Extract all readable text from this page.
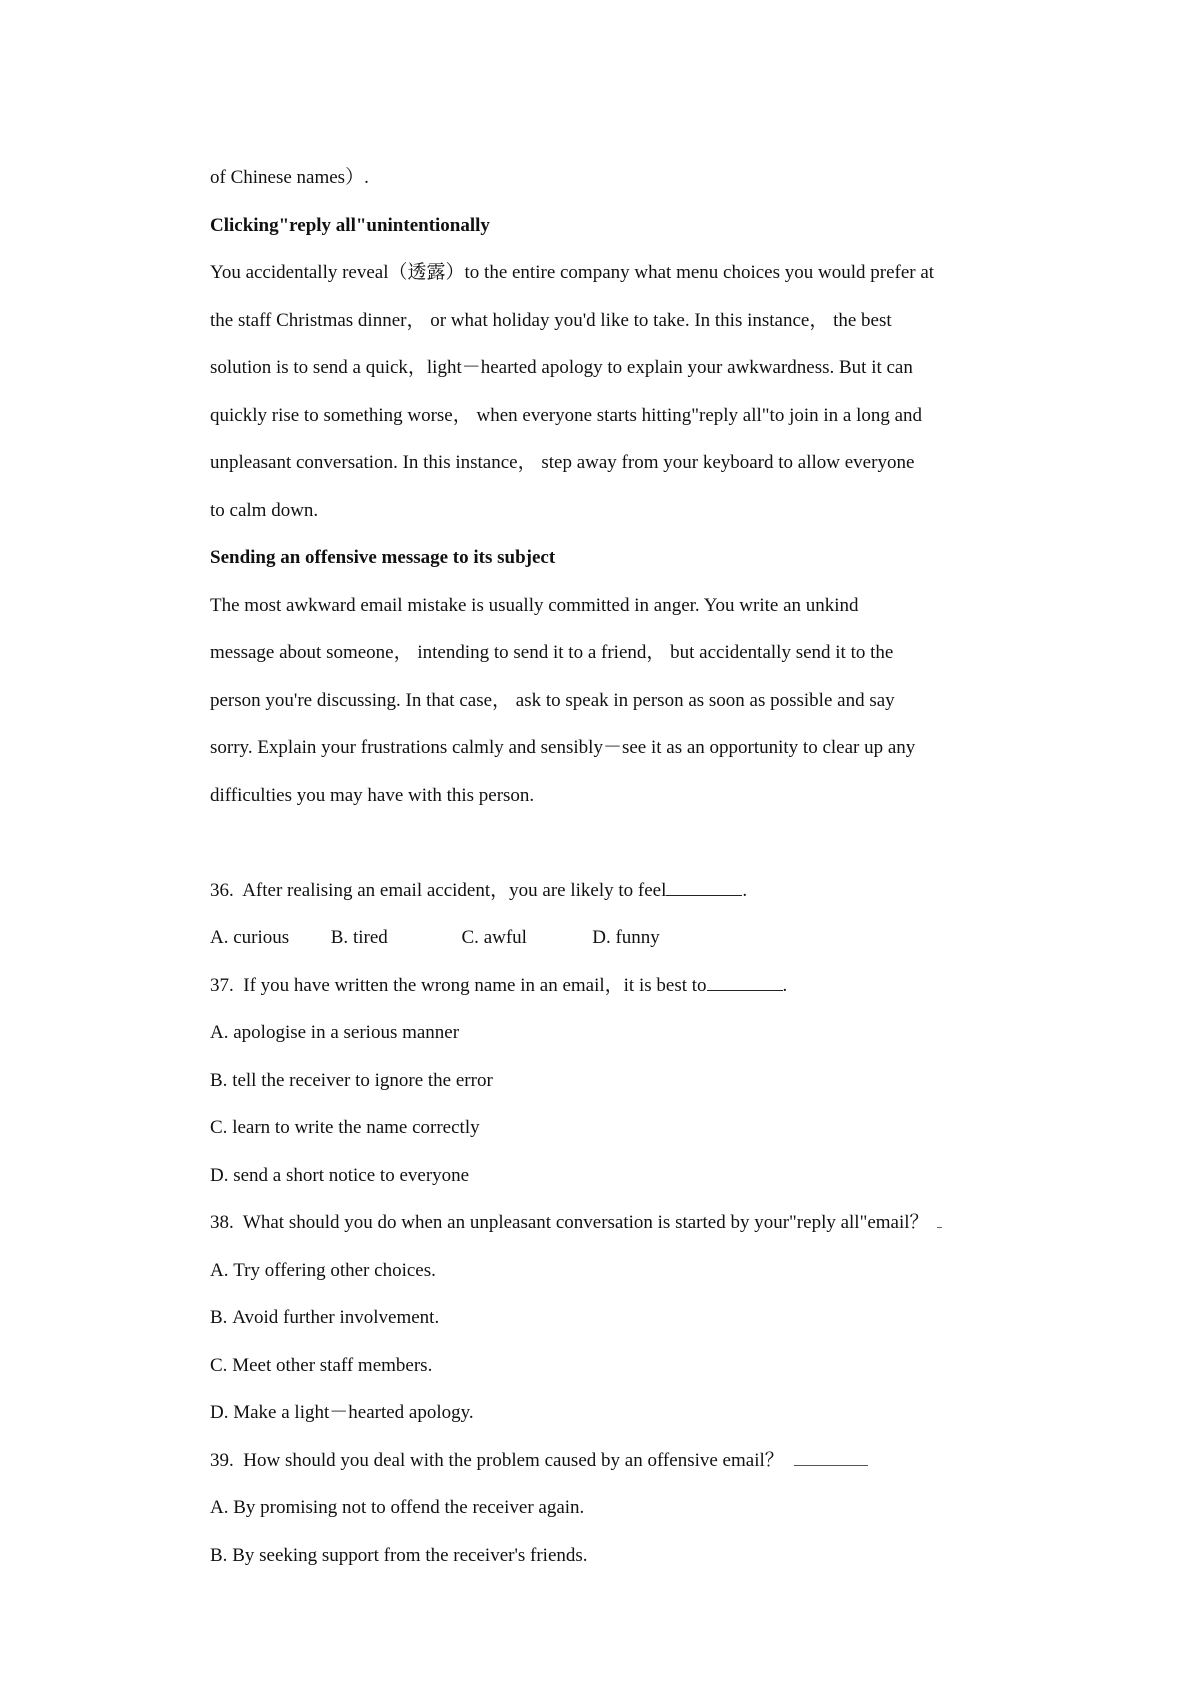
of Chinese names）.
Clicking"reply all"unintentionally
You accidentally reveal（透露）to the entire company what menu choices you would prefer at
the staff Christmas dinner， or what holiday you'd like to take. In this instance， the best
solution is to send a quick，light－hearted apology to explain your awkwardness. But it can
quickly rise to something worse， when everyone starts hitting"reply all"to join in a long and
unpleasant conversation. In this instance， step away from your keyboard to allow everyone
to calm down.
Sending an offensive message to its subject
The most awkward email mistake is usually committed in anger. You write an unkind
message about someone， intending to send it to a friend， but accidentally send it to the
person you're discussing. In that case， ask to speak in person as soon as possible and say
sorry. Explain your frustrations calmly and sensibly－see it as an opportunity to clear up any
difficulties you may have with this person.
36. After realising an email accident，you are likely to feel	.
A. curious B. tired	C. awful	D. funny
37. If you have written the wrong name in an email，it is best to	.
A. apologise in a serious manner
B. tell the receiver to ignore the error
C. learn to write the name correctly
D. send a short notice to everyone
38. What should you do when an unpleasant conversation is started by your"reply all"email？
A. Try offering other choices.
B. Avoid further involvement.
C. Meet other staff members.
D. Make a light－hearted apology.
39. How should you deal with the problem caused by an offensive email？
A. By promising not to offend the receiver again.
B. By seeking support from the receiver's friends.
